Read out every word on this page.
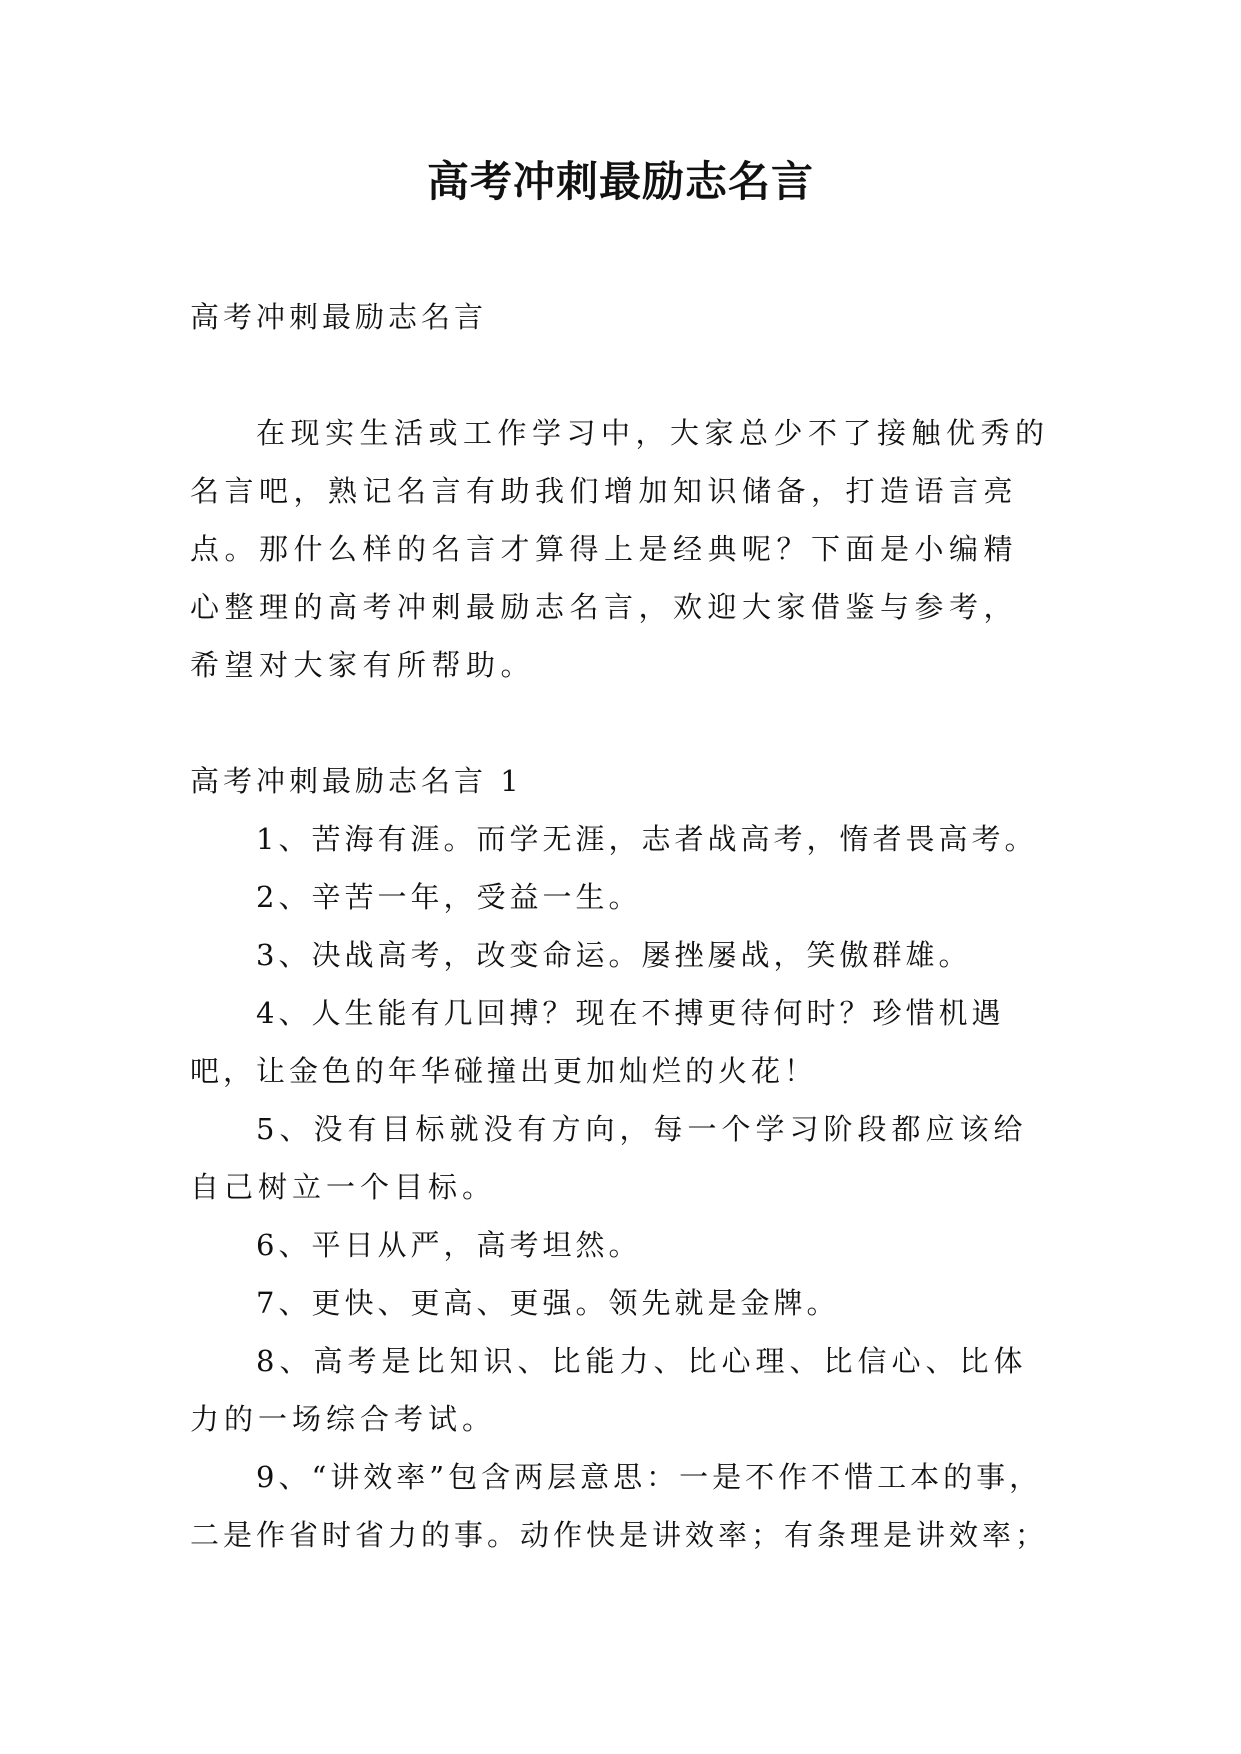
高考冲刺最励志名言

高考冲刺最励志名言

在现实生活或工作学习中，大家总少不了接触优秀的名言吧，熟记名言有助我们增加知识储备，打造语言亮点。那什么样的名言才算得上是经典呢？下面是小编精心整理的高考冲刺最励志名言，欢迎大家借鉴与参考，希望对大家有所帮助。

高考冲刺最励志名言 1

1、苦海有涯。而学无涯，志者战高考，惰者畏高考。
2、辛苦一年，受益一生。
3、决战高考，改变命运。屡挫屡战，笑傲群雄。
4、人生能有几回搏？现在不搏更待何时？珍惜机遇吧，让金色的年华碰撞出更加灿烂的火花！
5、没有目标就没有方向，每一个学习阶段都应该给自己树立一个目标。
6、平日从严，高考坦然。
7、更快、更高、更强。领先就是金牌。
8、高考是比知识、比能力、比心理、比信心、比体力的一场综合考试。
9、“讲效率”包含两层意思：一是不作不惜工本的事，二是作省时省力的事。动作快是讲效率；有条理是讲效率；
